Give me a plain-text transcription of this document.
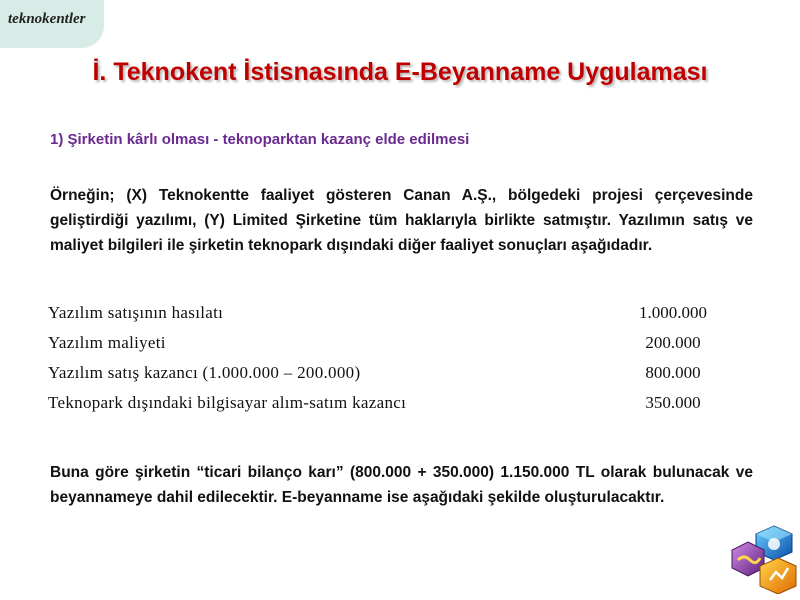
teknokentler
İ. Teknokent İstisnasında E-Beyanname Uygulaması
1) Şirketin kârlı olması - teknoparktan kazanç elde edilmesi

Örneğin; (X) Teknokentte faaliyet gösteren Canan A.Ş., bölgedeki projesi çerçevesinde geliştirdiği yazılımı, (Y) Limited Şirketine tüm haklarıyla birlikte satmıştır. Yazılımın satış ve maliyet bilgileri ile şirketin teknopark dışındaki diğer faaliyet sonuçları aşağıdadır.

Yazılım satışının hasılatı	1.000.000
Yazılım maliyeti	200.000
Yazılım satış kazancı (1.000.000 – 200.000)	800.000
Teknopark dışındaki bilgisayar alım-satım kazancı	350.000

Buna göre şirketin “ticari bilanço karı” (800.000 + 350.000) 1.150.000 TL olarak bulunacak ve beyannameye dahil edilecektir. E-beyanname ise aşağıdaki şekilde oluşturulacaktır.
